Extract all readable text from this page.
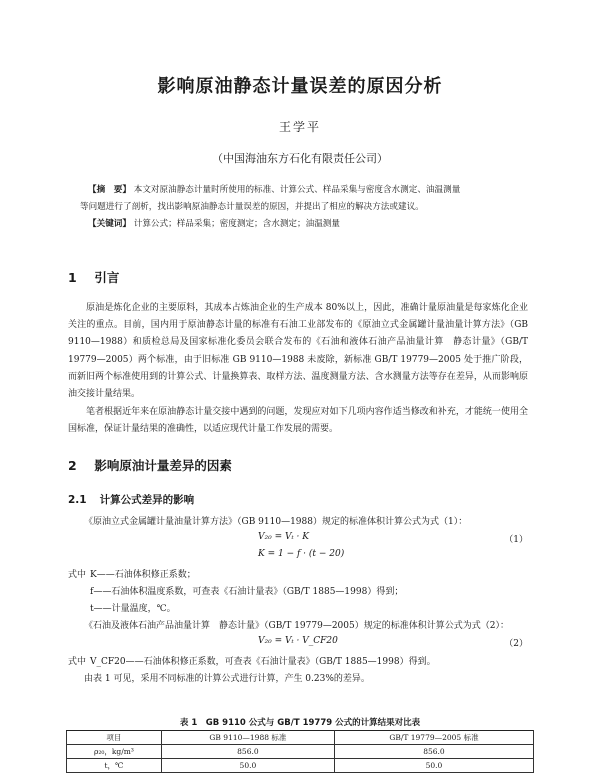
影响原油静态计量误差的原因分析
王学平
（中国海油东方石化有限责任公司）
【摘　要】 本文对原油静态计量时所使用的标准、计算公式、样品采集与密度含水测定、油温测量
等问题进行了剖析，找出影响原油静态计量误差的原因，并提出了相应的解决方法或建议。
【关键词】 计算公式；样品采集；密度测定；含水测定；油温测量
1 引言

原油是炼化企业的主要原料，其成本占炼油企业的生产成本 80%以上，因此，准确计量原油量是每家炼化企业关注的重点。目前，国内用于原油静态计量的标准有石油工业部发布的《原油立式金属罐计量油量计算方法》（GB 9110—1988）和质检总局及国家标准化委员会联合发布的《石油和液体石油产品油量计算　静态计量》（GB/T 19779—2005）两个标准，由于旧标准 GB 9110—1988 未废除，新标准 GB/T 19779—2005 处于推广阶段，而新旧两个标准使用到的计算公式、计量换算表、取样方法、温度测量方法、含水测量方法等存在差异，从而影响原油交接计量结果。

笔者根据近年来在原油静态计量交接中遇到的问题，发现应对如下几项内容作适当修改和补充，才能统一使用全国标准，保证计量结果的准确性，以适应现代计量工作发展的需要。

2 影响原油计量差异的因素
2.1 计算公式差异的影响
《原油立式金属罐计量油量计算方法》（GB 9110—1988）规定的标准体积计算公式为式（1）：
V₂₀ = Vₜ · K	（1）
K = 1 − f · (t − 20)
式中 K——石油体积修正系数；
f——石油体积温度系数，可查表《石油计量表》（GB/T 1885—1998）得到；
t——计量温度，℃。
《石油及液体石油产品油量计算　静态计量》（GB/T 19779—2005）规定的标准体积计算公式为式（2）：
V₂₀ = Vₜ · V_CF20	（2）
式中 V_CF20——石油体积修正系数，可查表《石油计量表》（GB/T 1885—1998）得到。
由表 1 可见，采用不同标准的计算公式进行计算，产生 0.23%的差异。
表 1　GB 9110 公式与 GB/T 19779 公式的计算结果对比表
项目	GB 9110—1988 标准	GB/T 19779—2005 标准
ρ₂₀，kg/m³	856.0	856.0
t，℃	50.0	50.0
